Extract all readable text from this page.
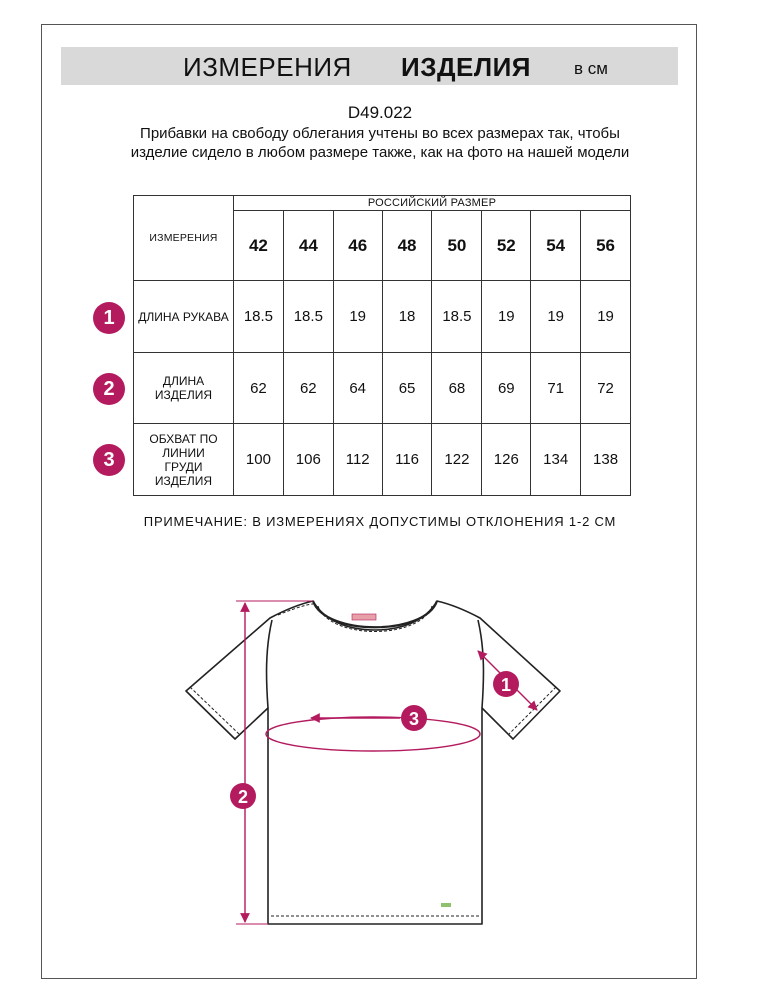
ИЗМЕРЕНИЯ ИЗДЕЛИЯ	в см
D49.022
Прибавки на свободу облегания учтены во всех размерах так, чтобы изделие сидело в любом размере также, как на фото на нашей модели
ИЗМЕРЕНИЯ	РОССИЙСКИЙ РАЗМЕР							
	42	44	46	48	50	52	54	56
ДЛИНА РУКАВА	18.5	18.5	19	18	18.5	19	19	19
ДЛИНА ИЗДЕЛИЯ	62	62	64	65	68	69	71	72
ОБХВАТ ПО ЛИНИИ ГРУДИ ИЗДЕЛИЯ	100	106	112	116	122	126	134	138
1
2
3
ПРИМЕЧАНИЕ: В ИЗМЕРЕНИЯХ ДОПУСТИМЫ ОТКЛОНЕНИЯ 1-2 СМ
1
2
3
